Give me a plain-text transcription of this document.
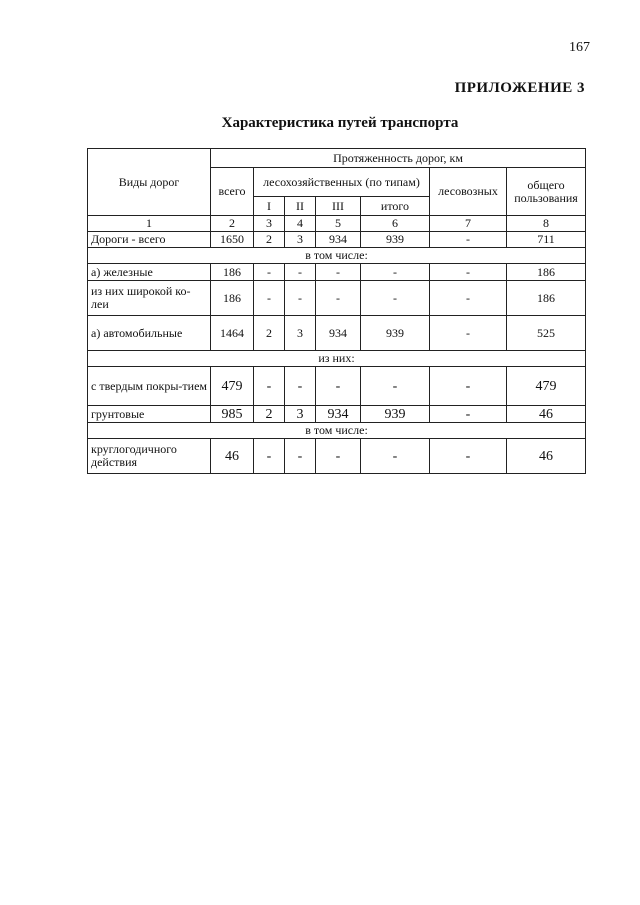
167
ПРИЛОЖЕНИЕ 3
Характеристика путей транспорта
Виды дорог	Протяженность дорог, км						
	всего	лесохозяйственных (по типам)				лесовозных	общего пользования
		I	II	III	итого		
1	2	3	4	5	6	7	8
Дороги - всего	1650	2	3	934	939	-	711
в том числе:							
а) железные	186	-	-	-	-	-	186
из них широкой ко-леи	186	-	-	-	-	-	186
а) автомобильные	1464	2	3	934	939	-	525
из них:							
с твердым покры-тием	479	-	-	-	-	-	479
грунтовые	985	2	3	934	939	-	46
в том числе:							
круглогодичного действия	46	-	-	-	-	-	46
